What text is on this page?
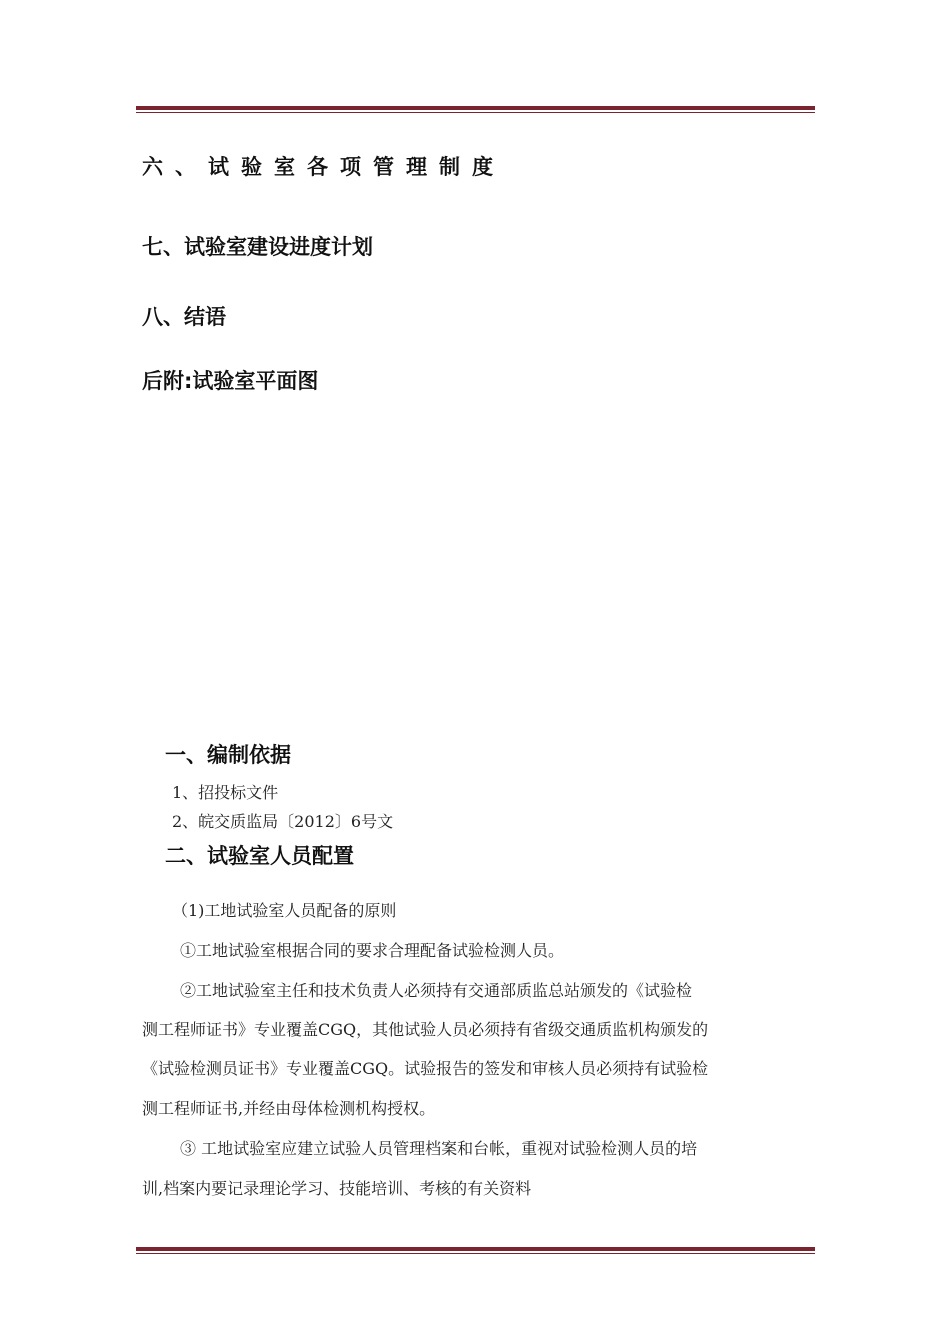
六、试验室各项管理制度
七、试验室建设进度计划
八、结语
后附:试验室平面图
一、编制依据
1、招投标文件
2、皖交质监局〔2012〕6号文
二、试验室人员配置
（1)工地试验室人员配备的原则
①工地试验室根据合同的要求合理配备试验检测人员。
②工地试验室主任和技术负责人必须持有交通部质监总站颁发的《试验检
测工程师证书》专业覆盖CGQ，其他试验人员必须持有省级交通质监机构颁发的
《试验检测员证书》专业覆盖CGQ。试验报告的签发和审核人员必须持有试验检
测工程师证书,并经由母体检测机构授权。
③ 工地试验室应建立试验人员管理档案和台帐，重视对试验检测人员的培
训,档案内要记录理论学习、技能培训、考核的有关资料
